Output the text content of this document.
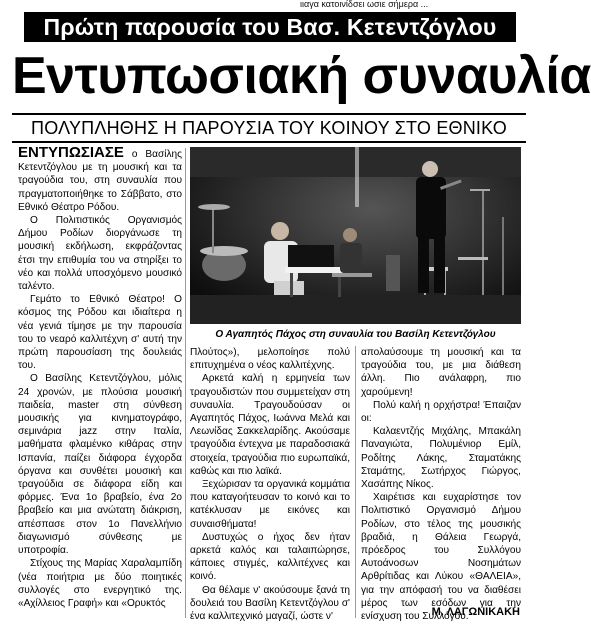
ιιαγα κατοινίδσει ωσιε σήμερα ...
Πρώτη παρουσία του Βασ. Κετεντζόγλου
Εντυπωσιακή συναυλία
ΠΟΛΥΠΛΗΘΗΣ Η ΠΑΡΟΥΣΙΑ ΤΟΥ ΚΟΙΝΟΥ ΣΤΟ ΕΘΝΙΚΟ

ΕΝΤΥΠΩΣΙΑΣΕ ο Βασίλης Κετεντζόγλου με τη μουσική και τα τραγούδια του, στη συναυλία που πραγματοποιήθηκε το Σάββατο, στο Εθνικό Θέατρο Ρόδου.

Ο Πολιτιστικός Οργανισμός Δήμου Ροδίων διοργάνωσε τη μουσική εκδήλωση, εκφράζοντας έτσι την επιθυμία του να στηρίξει το νέο και πολλά υποσχόμενο μουσικό ταλέντο.

Γεμάτο το Εθνικό Θέατρο! Ο κόσμος της Ρόδου και ιδιαίτερα η νέα γενιά τίμησε με την παρουσία του το νεαρό καλλιτέχνη σ' αυτή την πρώτη παρουσίαση της δουλειάς του.

Ο Βασίλης Κετεντζόγλου, μόλις 24 χρονών, με πλούσια μουσική παιδεία, master στη σύνθεση μουσικής για κινηματογράφο, σεμινάρια jazz στην Ιταλία, μαθήματα φλαμένκο κιθάρας στην Ισπανία, παίζει διάφορα έγχορδα όργανα και συνθέτει μουσική και τραγούδια σε διάφορα είδη και φόρμες. Ένα 1ο βραβείο, ένα 2ο βραβείο και μια ανώτατη διάκριση, απέσπασε στον 1ο Πανελλήνιο διαγωνισμό σύνθεσης με υποτροφία.

Στίχους της Μαρίας Χαραλαμπίδη (νέα ποιήτρια με δύο ποιητικές συλλογές στο ενεργητικό της. «Αχίλλειος Γραφή» και «Ορυκτός

Ο Αγαπητός Πάχος στη συναυλία του Βασίλη Κετεντζόγλου

Πλούτος»), μελοποίησε πολύ επιτυχημένα ο νέος καλλιτέχνης.

Αρκετά καλή η ερμηνεία των τραγουδιστών που συμμετείχαν στη συναυλία. Τραγουδούσαν οι Αγαπητός Πάχος, Ιωάννα Μελά και Λεωνίδας Σακκελαρίδης. Ακούσαμε τραγούδια έντεχνα με παραδοσιακά στοιχεία, τραγούδια πιο ευρωπαϊκά, καθώς και πιο λαϊκά.

Ξεχώρισαν τα οργανικά κομμάτια που καταγοήτευσαν το κοινό και το κατέκλυσαν με εικόνες και συναισθήματα!

Δυστυχώς ο ήχος δεν ήταν αρκετά καλός και ταλαιπώρησε, κάποιες στιγμές, καλλιτέχνες και κοινό.

Θα θέλαμε ν' ακούσουμε ξανά τη δουλειά του Βασίλη Κετεντζόγλου σ' ένα καλλιτεχνικό μαγαζί, ώστε ν'

απολαύσουμε τη μουσική και τα τραγούδια του, με μια διάθεση άλλη. Πιο ανάλαφρη, πιο χαρούμενη!

Πολύ καλή η ορχήστρα! Έπαιζαν οι:

Καλαεντζής Μιχάλης, Μπακάλη Παναγιώτα, Πολυμένιορ Εμίλ, Ροδίτης Λάκης, Σταματάκης Σταμάτης, Σωτήρχος Γιώργος, Χασάπης Νίκος.

Χαιρέτισε και ευχαρίστησε τον Πολιτιστικό Οργανισμό Δήμου Ροδίων, στο τέλος της μουσικής βραδιά, η Θάλεια Γεωργά, πρόεδρος του Συλλόγου Αυτοάνοσων Νοσημάτων Αρθρίτιδας και Λύκου «ΘΑΛΕΙΑ», για την απόφασή του να διαθέσει μέρος των εσόδων για την ενίσχυση του Συλλόγου.

Μ. ΛΑΓΩΝΙΚΑΚΗ
